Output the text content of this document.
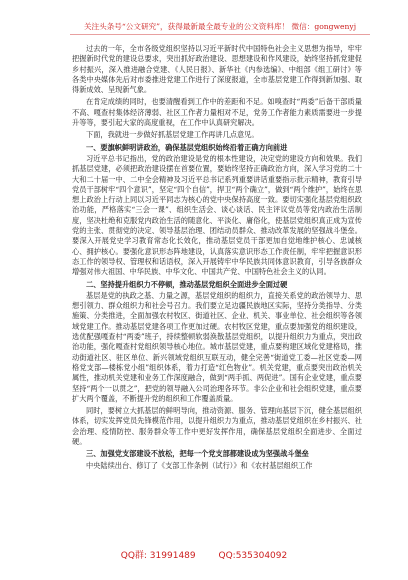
关注头条号“公文研究”，获得最新最全最专业的公文资料库！ 微信：gongwenyj

过去的一年，全市各级党组织坚持以习近平新时代中国特色社会主义思想为指导，牢牢把握新时代党的建设总要求，突出抓好政治建设、思想建设和作风建设，始终坚持抓党建促乡村振兴，深入推进融合党建、《人民日报》、新华社《内参选编》、中组部《组工研讨》等各类中央媒体先后对市委推进党建工作进行了深度报道，全市基层党建工作得到新加强、取得新成效、呈现新气象。

在肯定成绩的同时，也要清醒看到工作中的差距和不足。如嗅查时“两委”后备干部质量不高、嘎查村集体经济薄弱、社区工作者力量相对不足，党务工作者能力素质需要进一步提升等等，要引起大家的高度重视，在工作中认真研究解决。

下面，我就进一步做好抓基层党建工作再讲几点意见。

一、要旗帜鲜明讲政治，确保基层党组织始终沿着正确方向前进

习近平总书记指出，党的政治建设是党的根本性建设，决定党的建设方向和效果。我们抓基层党建，必须把政治建设摆在首要位置，要始终坚持正确政治方向，深入学习党的二十大和二十届一中、二中全会精神及习近平总书记系列重要讲话重要指示批示精神，教育引导党员干部树牢“四个意识”，坚定“四个自信”，捍卫“两个确立”，做到“两个维护”，始终在思想上政治上行动上同以习近平同志为核心的党中央保持高度一致。要切实强化基层党组织政治功能，严格落实“三会一课”、组织生活会、谈心谈话、民主评议党员等党内政治生活制度，坚决杜绝和克服党内政治生活的随意化、平淡化、庸俗化，使基层党组织真正成为宣传党的主张、贯彻党的决定、领导基层治理、团结动员群众、推动改革发展的坚强战斗堡垒。要深入开展党史学习教育常态化长效化，推动基层党员干部更加自觉地维护核心、忠诚核心、拥护核心。要强化意识形态阵地建设，认真落实意识形态工作责任制，牢牢把握意识形态工作的领导权、管理权和话语权，深入开展铸牢中华民族共同体意识教育，引导各族群众增强对伟大祖国、中华民族、中华文化、中国共产党、中国特色社会主义的认同。

二、坚持提升组织力不停顿，推动基层党组织全面进步全面过硬

基层是党的执政之基、力量之源，基层党组织的组织力，直接关系党的政治领导力、思想引领力、群众组织力和社会号召力。我们要立足边疆民族地区实际，坚持分类指导、分类施策、分类推进，全面加强农村牧区、街道社区、企业、机关、事业单位、社会组织等各领域党建工作。推动基层党建各项工作更加过硬。农村牧区党建，重点要加强党的组织建设，选优配强嘎查村“两委”班子，持续整顿软弱涣散基层党组织，以提升组织力为重点，突出政治功能，强化嘎查村党组织领导核心地位。城市基层党建，重点要构建区域化党建格局，推动街道社区、驻区单位、新兴领域党组织互联互动，健全完善“街道党工委—社区党委—网格党支部—楼栋党小组”组织体系，着力打造“红色物业”。机关党建，重点要突出政治机关属性，推动机关党建和业务工作深度融合，做到“两手抓、两促进”。国有企业党建，重点要坚持“两个一以贯之”，把党的领导融入公司治理各环节。非公企业和社会组织党建，重点要扩大两个覆盖，不断提升党的组织和工作覆盖质量。

同时，要树立大抓基层的鲜明导向，推动资源、服务、管理向基层下沉，健全基层组织体系，切实发挥党员先锋模范作用，以提升组织力为重点，推动基层党组织在乡村振兴、社会治理、疫情防控、服务群众等工作中更好发挥作用，确保基层党组织全面进步、全面过硬。

三、加强党支部建设不放松，把每一个党支部都建设成为坚强战斗堡垒

中央陆续出台、修订了《支部工作条例（试行）》和《农村基层组织工作

QQ群: 31991489	QQ:535304092
